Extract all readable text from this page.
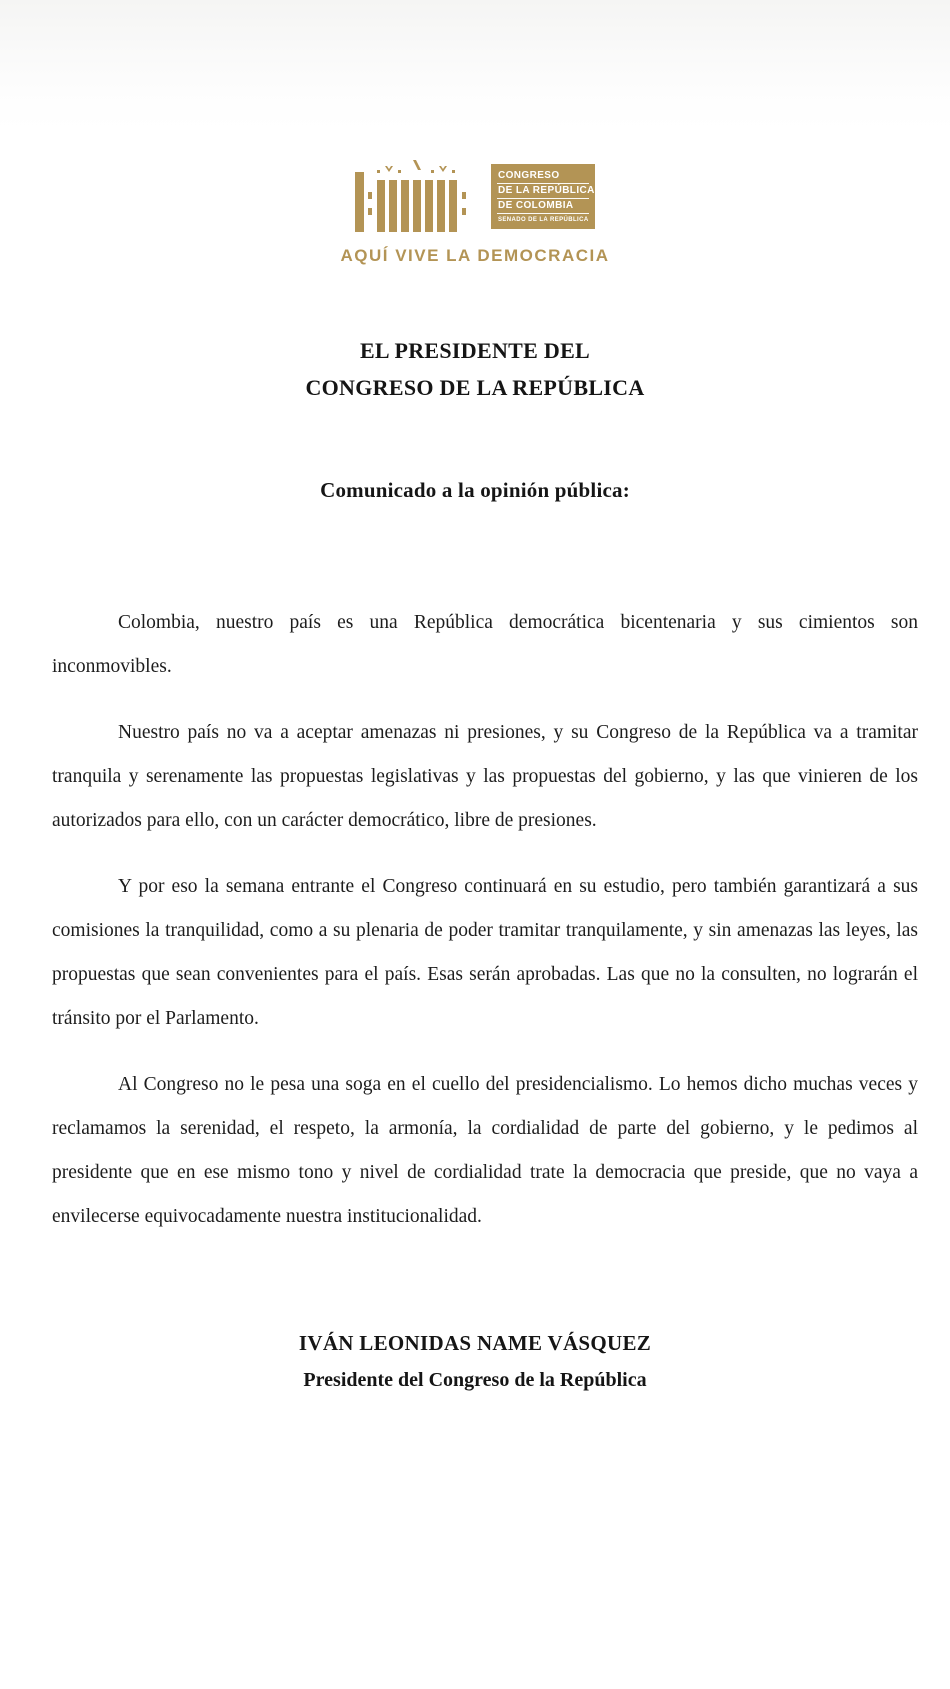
CONGRESO
DE LA REPÚBLICA
DE COLOMBIA
SENADO DE LA REPÚBLICA
AQUÍ VIVE LA DEMOCRACIA
EL PRESIDENTE DEL
CONGRESO DE LA REPÚBLICA
Comunicado a la opinión pública:

Colombia, nuestro país es una República democrática bicentenaria y sus cimientos son inconmovibles.

Nuestro país no va a aceptar amenazas ni presiones, y su Congreso de la República va a tramitar tranquila y serenamente las propuestas legislativas y las propuestas del gobierno, y las que vinieren de los autorizados para ello, con un carácter democrático, libre de presiones.

Y por eso la semana entrante el Congreso continuará en su estudio, pero también garantizará a sus comisiones la tranquilidad, como a su plenaria de poder tramitar tranquilamente, y sin amenazas las leyes, las propuestas que sean convenientes para el país. Esas serán aprobadas. Las que no la consulten, no lograrán el tránsito por el Parlamento.

Al Congreso no le pesa una soga en el cuello del presidencialismo. Lo hemos dicho muchas veces y reclamamos la serenidad, el respeto, la armonía, la cordialidad de parte del gobierno, y le pedimos al presidente que en ese mismo tono y nivel de cordialidad trate la democracia que preside, que no vaya a envilecerse equivocadamente nuestra institucionalidad.

IVÁN LEONIDAS NAME VÁSQUEZ
Presidente del Congreso de la República
